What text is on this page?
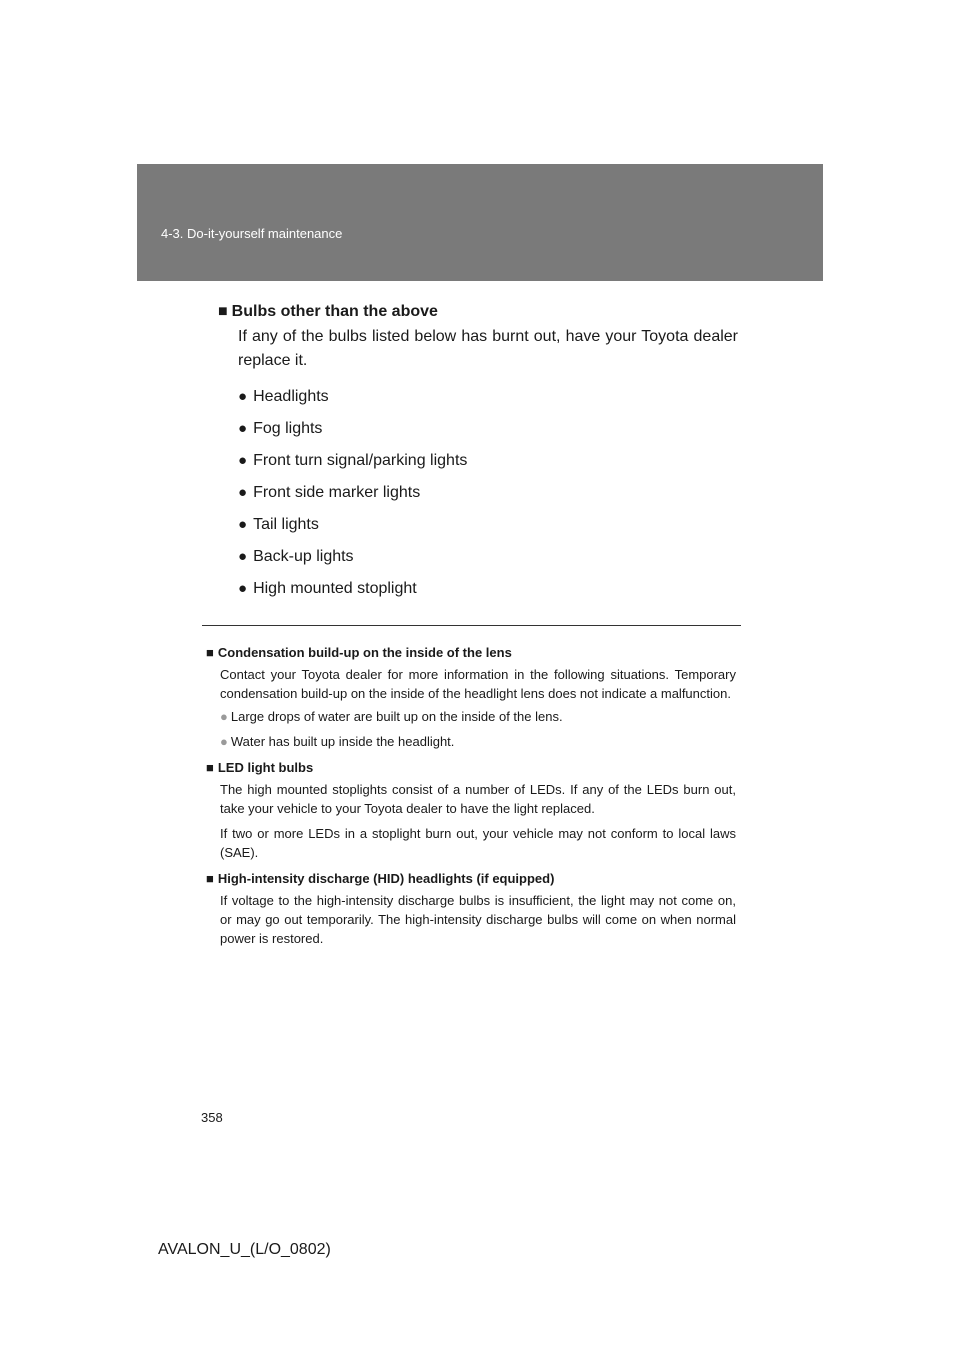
4-3. Do-it-yourself maintenance
■ Bulbs other than the above
If any of the bulbs listed below has burnt out, have your Toyota dealer replace it.
● Headlights
● Fog lights
● Front turn signal/parking lights
● Front side marker lights
● Tail lights
● Back-up lights
● High mounted stoplight
■ Condensation build-up on the inside of the lens
Contact your Toyota dealer for more information in the following situations. Temporary condensation build-up on the inside of the headlight lens does not indicate a malfunction.
● Large drops of water are built up on the inside of the lens.
● Water has built up inside the headlight.
■ LED light bulbs
The high mounted stoplights consist of a number of LEDs. If any of the LEDs burn out, take your vehicle to your Toyota dealer to have the light replaced.
If two or more LEDs in a stoplight burn out, your vehicle may not conform to local laws (SAE).
■ High-intensity discharge (HID) headlights (if equipped)
If voltage to the high-intensity discharge bulbs is insufficient, the light may not come on, or may go out temporarily. The high-intensity discharge bulbs will come on when normal power is restored.
358
AVALON_U_(L/O_0802)
